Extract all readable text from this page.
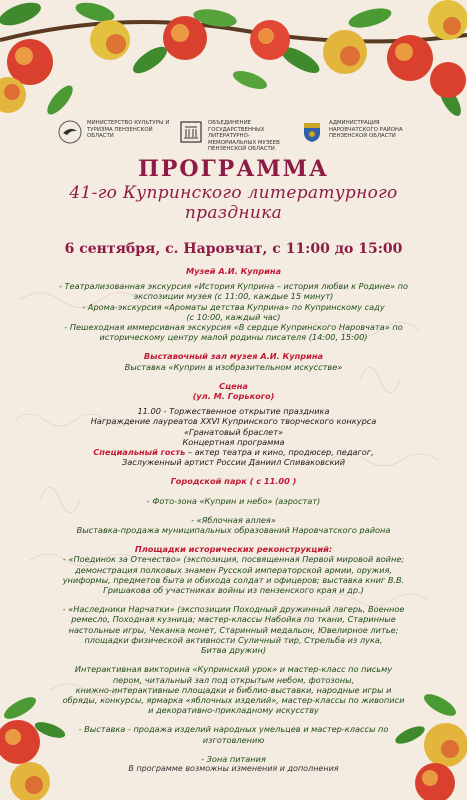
МИНИСТЕРСТВО КУЛЬТУРЫ И ТУРИЗМА ПЕНЗЕНСКОЙ ОБЛАСТИ
ОБЪЕДИНЕНИЕ ГОСУДАРСТВЕННЫХ ЛИТЕРАТУРНО-МЕМОРИАЛЬНЫХ МУЗЕЕВ ПЕНЗЕНСКОЙ ОБЛАСТИ
АДМИНИСТРАЦИЯ НАРОВЧАТСКОГО РАЙОНА ПЕНЗЕНСКОЙ ОБЛАСТИ
ПРОГРАММА
41-го Купринского литературного
праздника
6 сентября, с. Наровчат, с 11:00 до 15:00

Музей А.И. Куприна

- Театрализованная экскурсия «История Куприна – история любви к Родине» по

экспозиции музея (с 11:00, каждые 15 минут)

- Арома-экскурсия «Ароматы детства Куприна» по Купринскому саду

(с 10:00, каждый час)

- Пешеходная иммерсивная экскурсия «В сердце Купринского Наровчата» по

историческому центру малой родины писателя (14:00, 15:00)

Выставочный зал музея А.И. Куприна

Выставка «Куприн в изобразительном искусстве»

Сцена

(ул. М. Горького)

11.00 - Торжественное открытие праздника

Награждение лауреатов XXVI Купринского творческого конкурса

«Гранатовый браслет»

Концертная программа

Специальный гость – актер театра и кино, продюсер, педагог,

Заслуженный артист России Даниил Спиваковский

Городской парк ( с 11.00 )

- Фото-зона «Куприн и небо» (аэростат)

- «Яблочная аллея»

Выставка-продажа муниципальных образований Наровчатского района

Площадки исторических реконструкций:

- «Поединок за Отечество» (экспозиция, посвященная Первой мировой войне;

демонстрация полковых знамен Русской императорской армии, оружия,

униформы, предметов быта и обихода солдат и офицеров; выставка книг В.В.

Гришакова об участниках войны из пензенского края и др.)

- «Наследники Нарчатки» (экспозиции Походный дружинный лагерь, Военное

ремесло, Походная кузница; мастер-классы Набойка по ткани, Старинные

настольные игры, Чеканка монет, Старинный медальон, Ювелирное литье;

площадки физической активности Суличный тир, Стрельба из лука,

Битва дружин)

Интерактивная викторина «Купринский урок» и мастер-класс по письму

пером, читальный зал под открытым небом, фотозоны,

книжно-интерактивные площадки и библио-выставки, народные игры и

обряды, конкурсы, ярмарка «яблочных изделий», мастер-классы по живописи

и декоративно-прикладному искусству

- Выставка - продажа изделий народных умельцев и мастер-классы по

изготовлению

- Зона питания

В программе возможны изменения и дополнения
